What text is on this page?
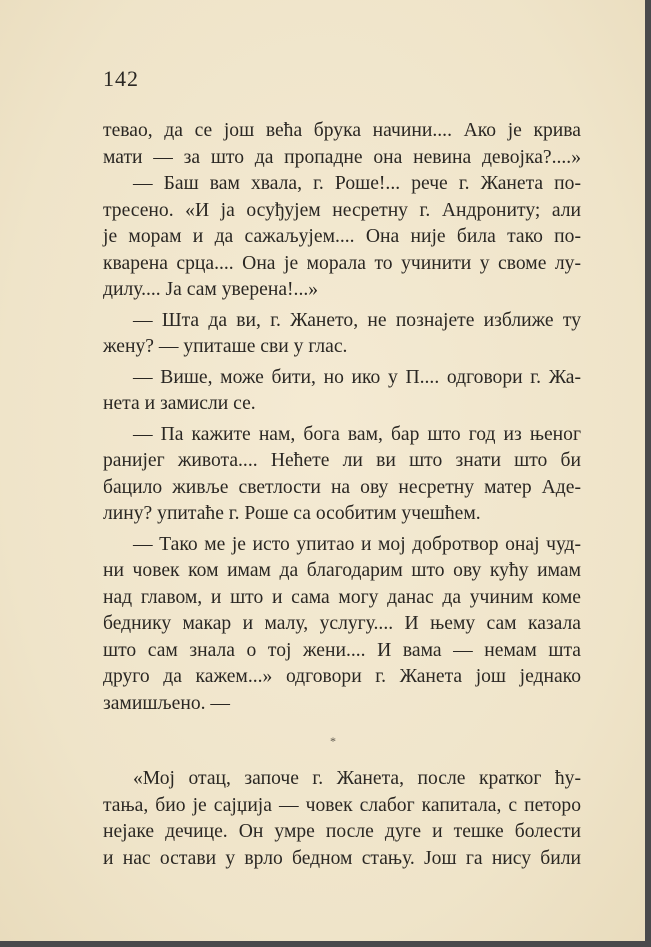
142
тевао, да се још већа брука начини.... Ако је крива
мати — за што да пропадне она невина девојка?....»
— Баш вам хвала, г. Роше!... рече г. Жанета по-
тресено. «И ја осуђујем несретну г. Андрониту; али
је морам и да сажаљујем.... Она није била тако по-
кварена срца.... Она је морала то учинити у своме лу-
дилу.... Ја сам уверена!...»
— Шта да ви, г. Жането, не познајете изближе ту
жену? — упиташе сви у глас.
— Више, може бити, но ико у П.... одговори г. Жа-
нета и замисли се.
— Па кажите нам, бога вам, бар што год из њеног
ранијег живота.... Нећете ли ви што знати што би
бацило живље светлости на ову несретну матер Аде-
лину? упитаће г. Роше са особитим учешћем.
— Тако ме је исто упитао и мој добротвор онај чуд-
ни човек ком имам да благодарим што ову кућу имам
над главом, и што и сама могу данас да учиним коме
беднику макар и малу, услугу.... И њему сам казала
што сам знала о тој жени.... И вама — немам шта
друго да кажем...» одговори г. Жанета још једнако
замишљено. —
*
«Мој отац, започе г. Жанета, после кратког ћу-
тања, био је сајџија — човек слабог капитала, с петоро
нејаке дечице. Он умре после дуге и тешке болести
и нас остави у врло бедном стању. Још га нису били
